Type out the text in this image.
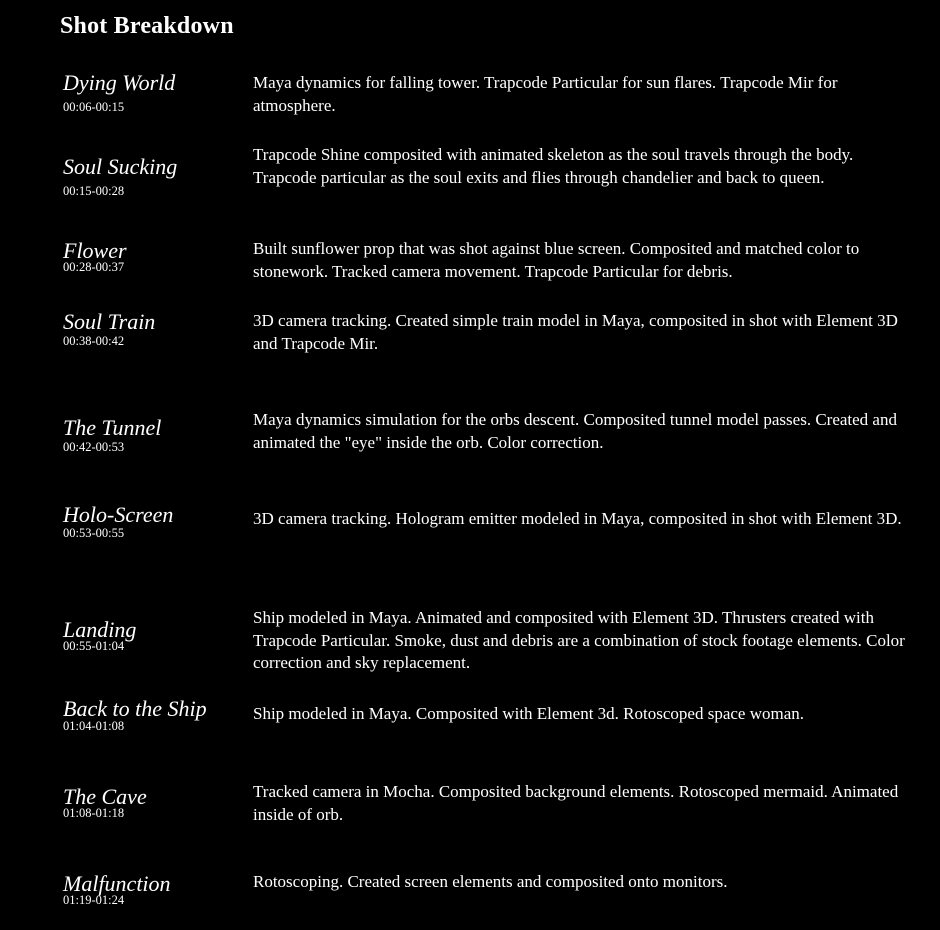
Shot Breakdown
Dying World
00:06-00:15
Maya dynamics for falling tower. Trapcode Particular for sun flares. Trapcode Mir for atmosphere.
Soul Sucking
00:15-00:28
Trapcode Shine composited with animated skeleton as the soul travels through the body. Trapcode particular as the soul exits and flies through chandelier and back to queen.
Flower
00:28-00:37
Built sunflower prop that was shot against blue screen. Composited and matched color to stonework. Tracked camera movement. Trapcode Particular for debris.
Soul Train
00:38-00:42
3D camera tracking. Created simple train model in Maya, composited in shot with Element 3D and Trapcode Mir.
The Tunnel
00:42-00:53
Maya dynamics simulation for the orbs descent. Composited tunnel model passes. Created and animated the "eye" inside the orb. Color correction.
Holo-Screen
00:53-00:55
3D camera tracking. Hologram emitter modeled in Maya, composited in shot with Element 3D.
Landing
00:55-01:04
Ship modeled in Maya. Animated and composited with Element 3D. Thrusters created with Trapcode Particular. Smoke, dust and debris are a combination of stock footage elements. Color correction and sky replacement.
Back to the Ship
01:04-01:08
Ship modeled in Maya. Composited with Element 3d. Rotoscoped space woman.
The Cave
01:08-01:18
Tracked camera in Mocha. Composited background elements. Rotoscoped mermaid. Animated inside of orb.
Malfunction
01:19-01:24
Rotoscoping. Created screen elements and composited onto monitors.
